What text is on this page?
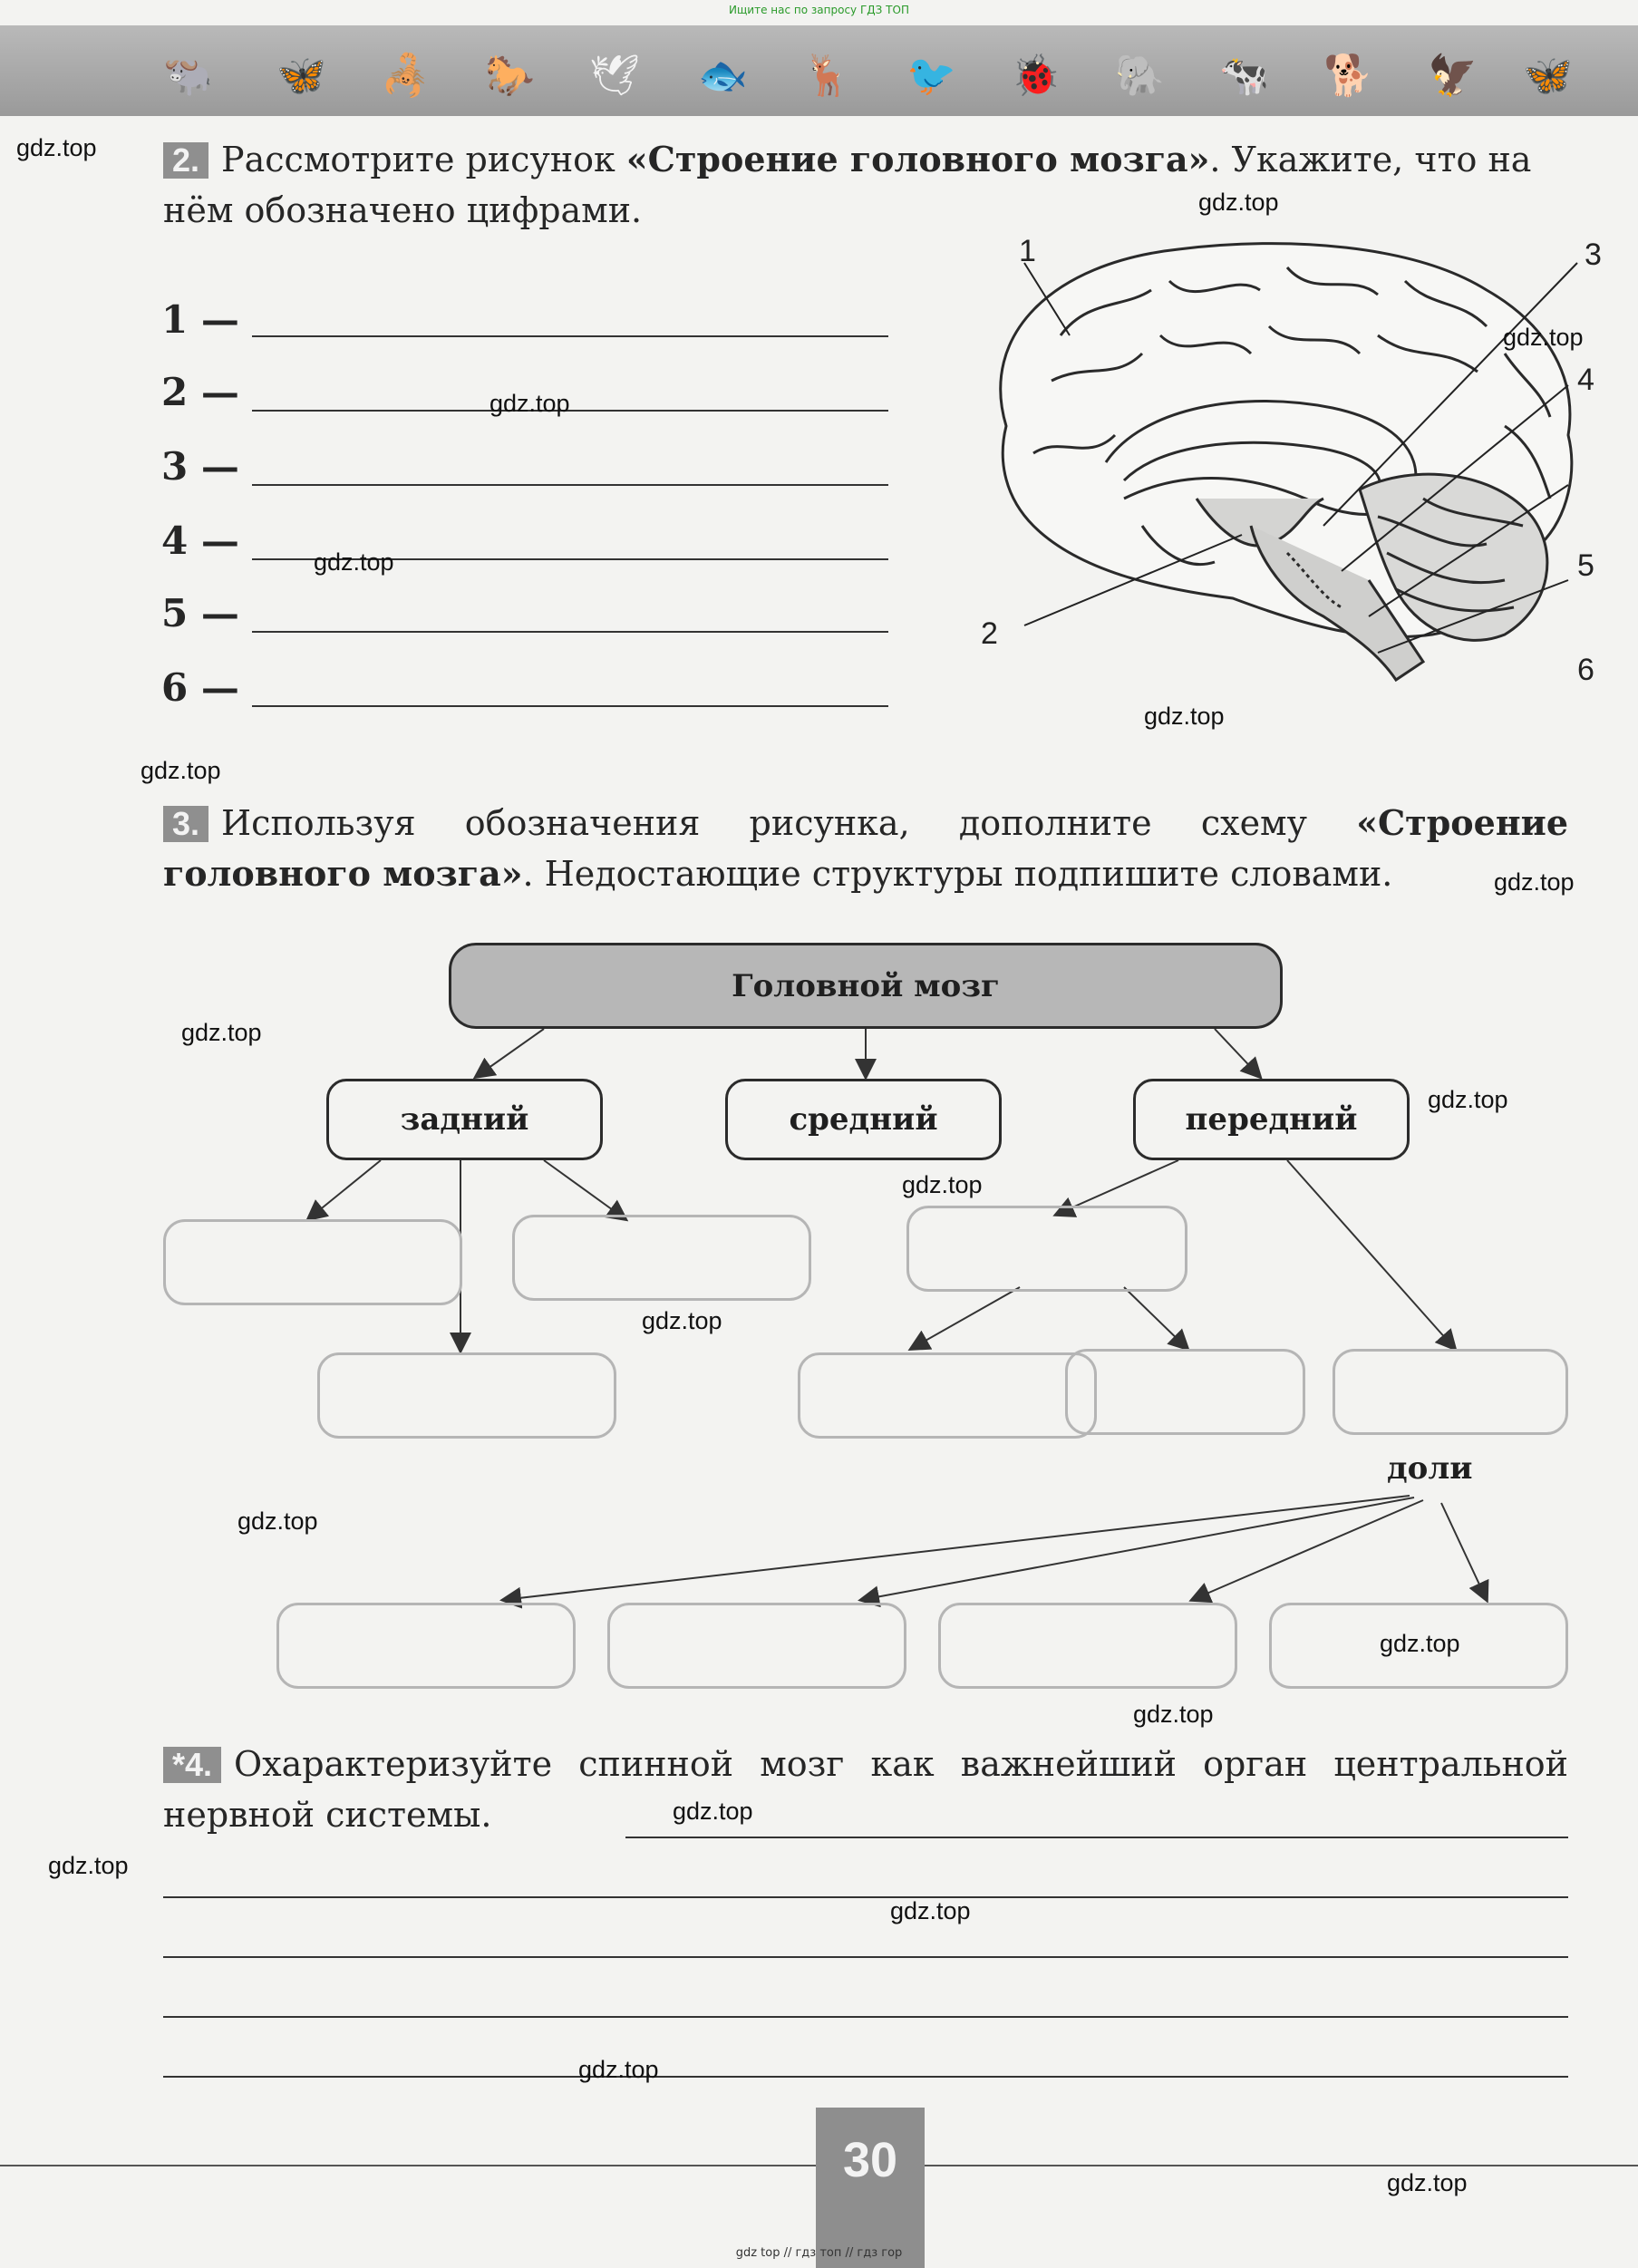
Ищите нас по запросу ГДЗ ТОП
🐃 🦋 🦂 🐎 🕊 🐟 🦌 🐦 🐞 🐘 🐄 🐕 🦅 🦋
2. Рассмотрите рисунок «Строение головного мозга». Укажите, что на нём обозначено цифрами.
1 —
2 —
3 —
4 —
5 —
6 —
1	3
4
5
2
6
3. Используя обозначения рисунка, дополните схему «Строение головного мозга». Недостающие структуры подпишите словами.
Головной мозг
задний	средний	передний
доли
*4. Охарактеризуйте спинной мозг как важнейший орган центральной нервной системы.
gdz.top
gdz.top
gdz.top
gdz.top
gdz.top
gdz.top
gdz.top
gdz.top
gdz.top
gdz.top
gdz.top
gdz.top
gdz.top
gdz.top
gdz.top
gdz.top
gdz.top
gdz.top
gdz.top
gdz.top
30
gdz top // гдз топ // гдз гор
